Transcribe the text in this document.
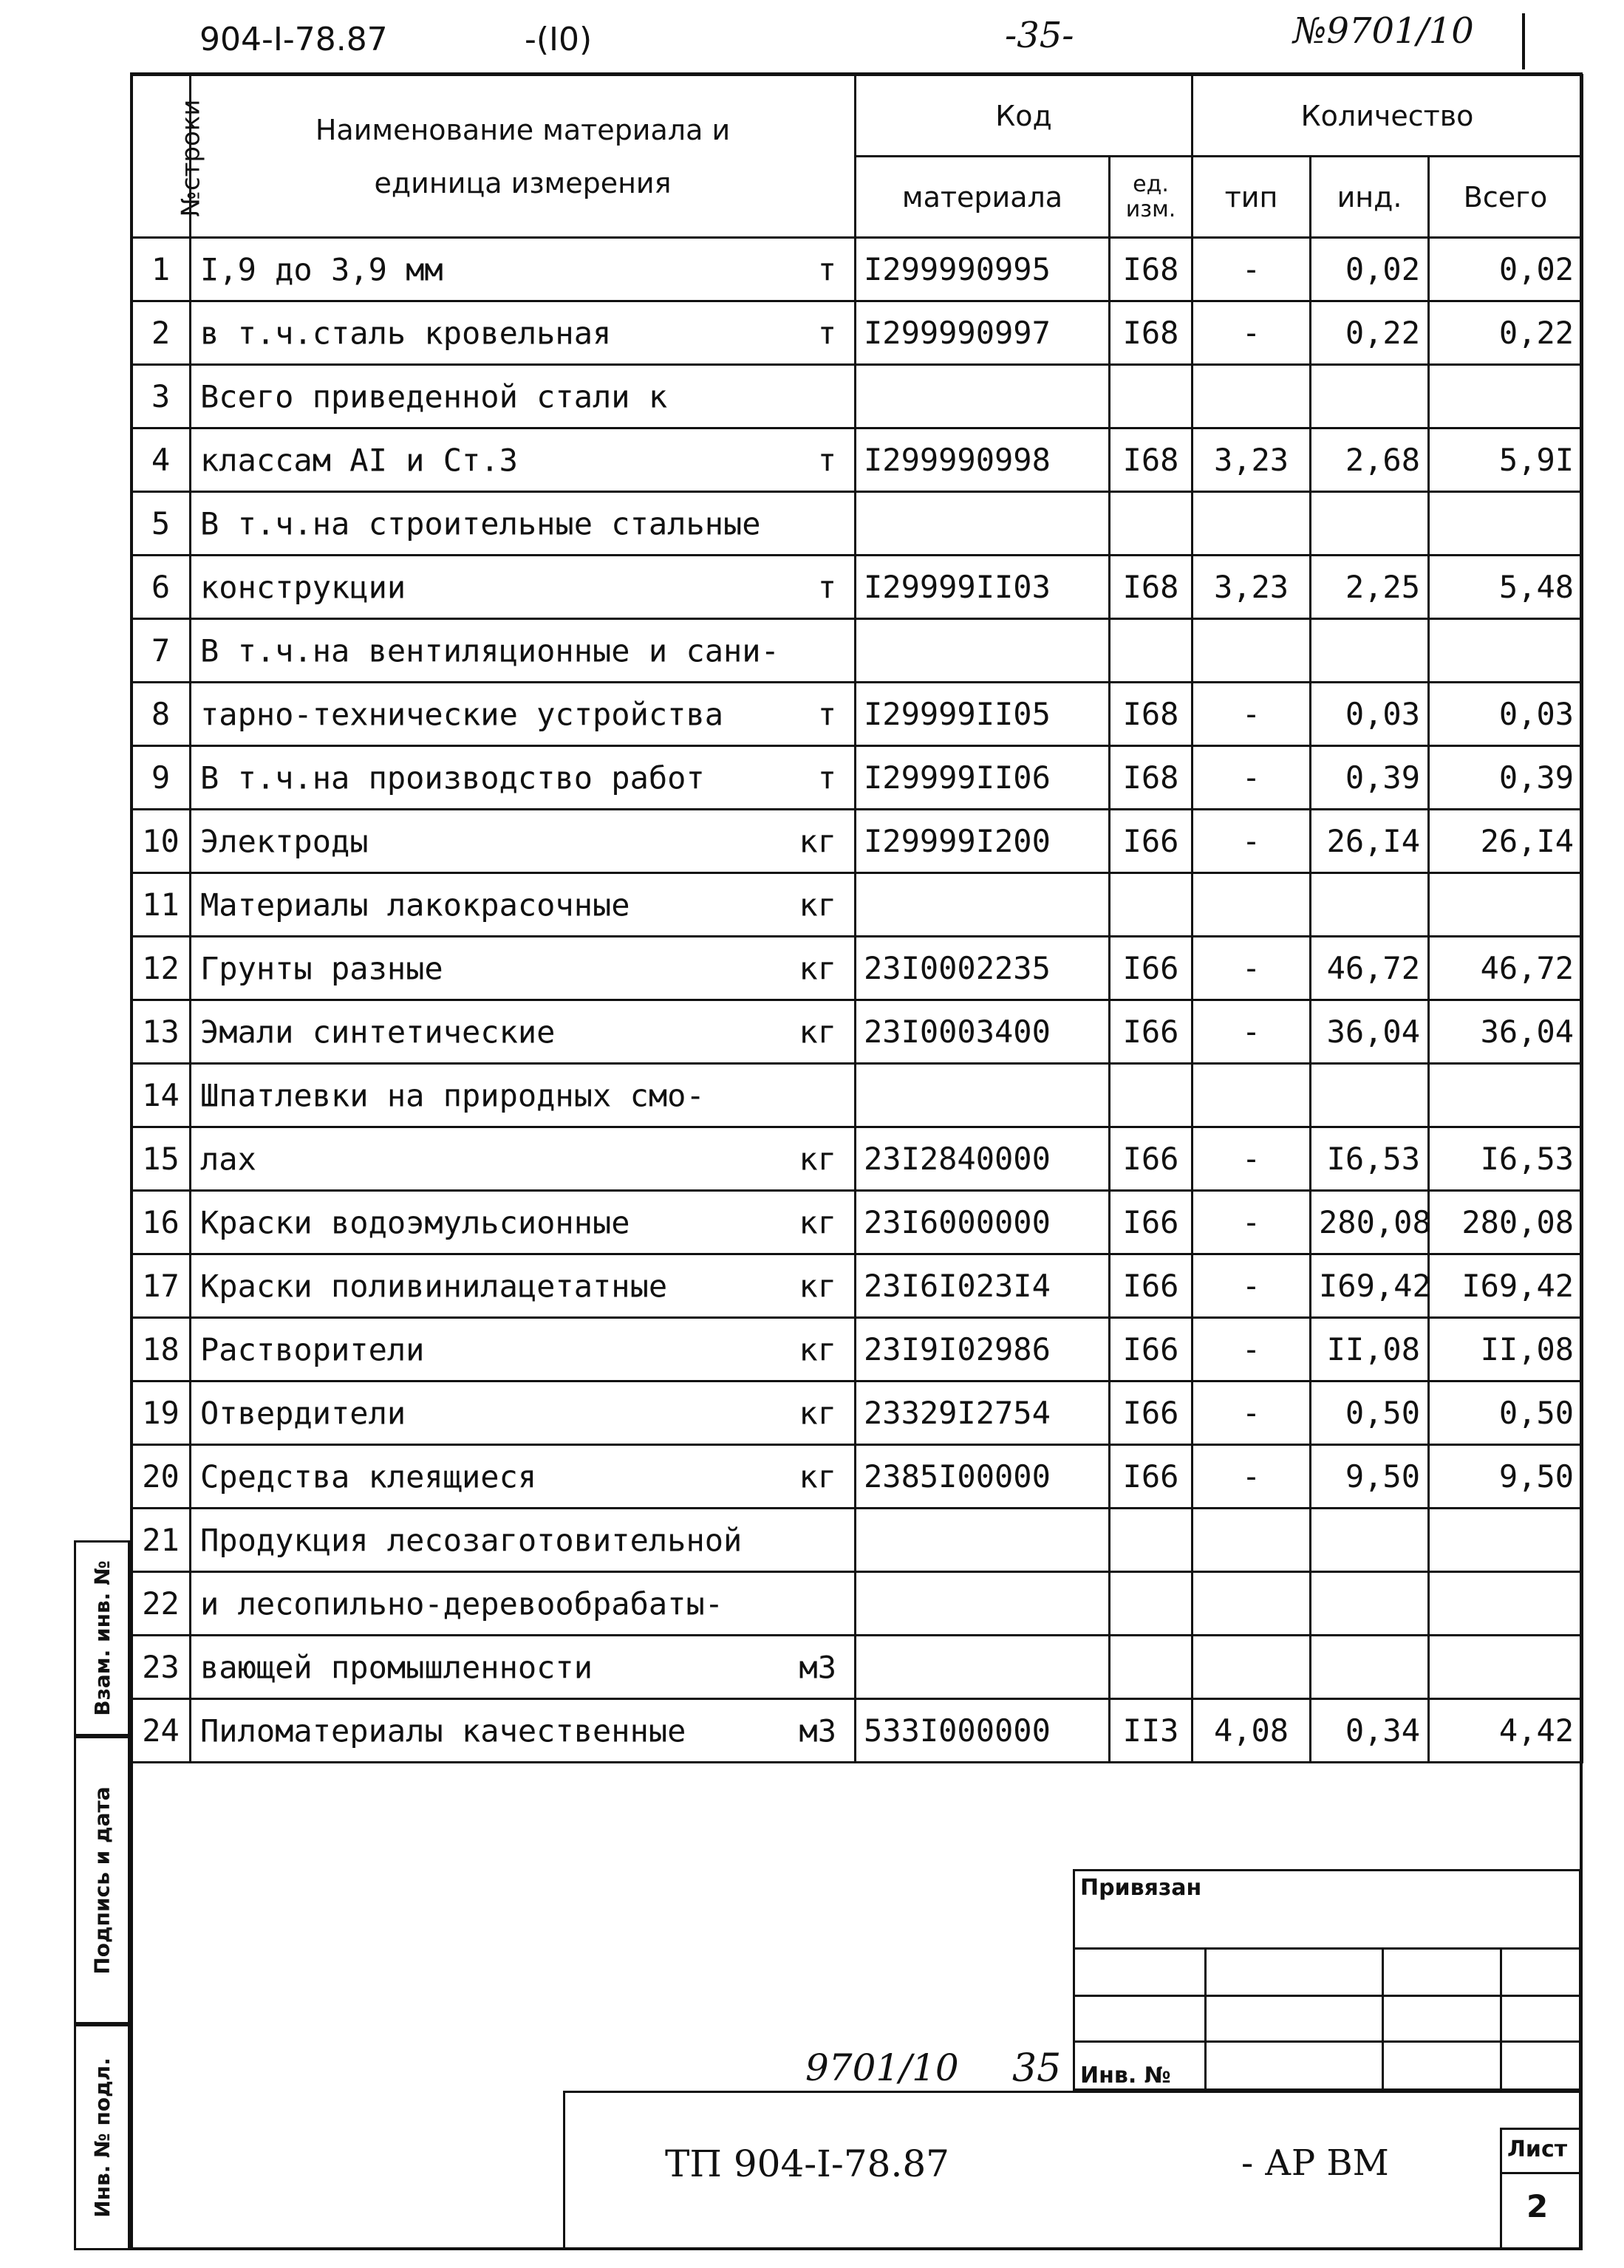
904-I-78.87	-(I0)	-35-	№9701/10
№строки	Наименование материала и единица измерения	Код		Количество		
		материала	ед. изм.	тип	инд.	Всего
1	I,9 до 3,9 мм т	I299990995	I68	-	0,02	0,02
2	в т.ч.сталь кровельная т	I299990997	I68	-	0,22	0,22
3	Всего приведенной стали к					

4	классам AI и Ст.3 т	I299990998	I68	3,23	2,68	5,9I
5	В т.ч.на строительные стальные					

6	конструкции т	I29999II03	I68	3,23	2,25	5,48
7	В т.ч.на вентиляционные и сани-					

8	тарно-технические устройства т	I29999II05	I68	-	0,03	0,03
9	В т.ч.на производство работ т	I29999II06	I68	-	0,39	0,39
10	Электроды кг	I29999I200	I66	-	26,I4	26,I4
11	Материалы лакокрасочные кг					

12	Грунты разные кг	23I0002235	I66	-	46,72	46,72
13	Эмали синтетические кг	23I0003400	I66	-	36,04	36,04
14	Шпатлевки на природных смо-					

15	лах кг	23I2840000	I66	-	I6,53	I6,53
16	Краски водоэмульсионные кг	23I6000000	I66	-	280,08	280,08
17	Краски поливинилацетатные кг	23I6I023I4	I66	-	I69,42	I69,42
18	Растворители кг	23I9I02986	I66	-	II,08	II,08
19	Отвердители кг	23329I2754	I66	-	0,50	0,50
20	Средства клеящиеся кг	2385I00000	I66	-	9,50	9,50
21	Продукция лесозаготовительной					

22	и лесопильно-деревообрабаты-					

23	вающей промышленности м3					

24	Пиломатериалы качественные м3	533I000000	II3	4,08	0,34	4,42
Взам. инв. №
Подпись и дата
Инв. № подл.
Привязан
Инв. №
9701/10 35
ТП 904-I-78.87	- АР ВМ	Лист
2
